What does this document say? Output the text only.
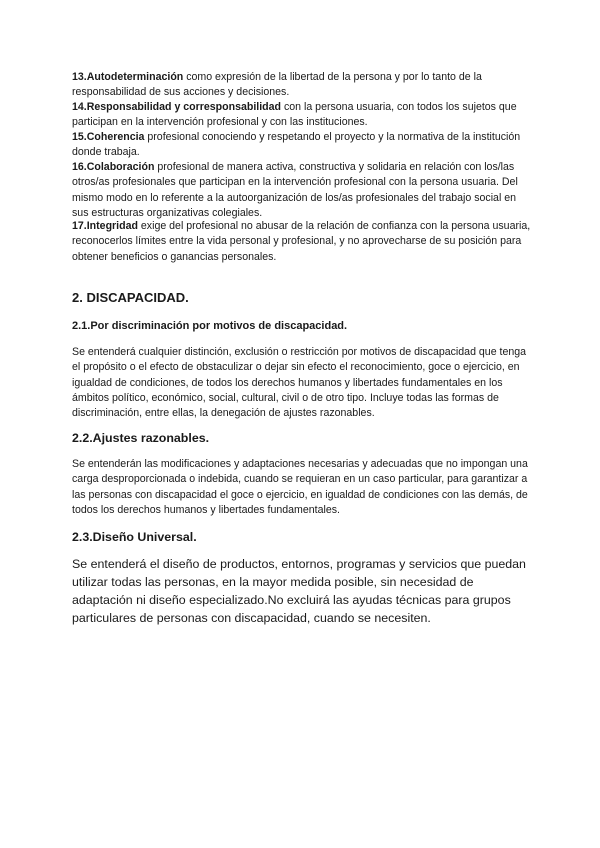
13.Autodeterminación como expresión de la libertad de la persona y por lo tanto de la responsabilidad de sus acciones y decisiones.

14.Responsabilidad y corresponsabilidad con la persona usuaria, con todos los sujetos que participan en la intervención profesional y con las instituciones.

15.Coherencia profesional conociendo y respetando el proyecto y la normativa de la institución donde trabaja.

16.Colaboración profesional de manera activa, constructiva y solidaria en relación con los/las otros/as profesionales que participan en la intervención profesional con la persona usuaria. Del mismo modo en lo referente a la autoorganización de los/as profesionales del trabajo social en sus estructuras organizativas colegiales.

17.Integridad exige del profesional no abusar de la relación de confianza con la persona usuaria, reconocerlos límites entre la vida personal y profesional, y no aprovecharse de su posición para obtener beneficios o ganancias personales.

2. DISCAPACIDAD.
2.1.Por discriminación por motivos de discapacidad.

Se entenderá cualquier distinción, exclusión o restricción por motivos de discapacidad que tenga el propósito o el efecto de obstaculizar o dejar sin efecto el reconocimiento, goce o ejercicio, en igualdad de condiciones, de todos los derechos humanos y libertades fundamentales en los ámbitos político, económico, social, cultural, civil o de otro tipo. Incluye todas las formas de discriminación, entre ellas, la denegación de ajustes razonables.

2.2.Ajustes razonables.

Se entenderán las modificaciones y adaptaciones necesarias y adecuadas que no impongan una carga desproporcionada o indebida, cuando se requieran en un caso particular, para garantizar a las personas con discapacidad el goce o ejercicio, en igualdad de condiciones con las demás, de todos los derechos humanos y libertades fundamentales.

2.3.Diseño Universal.

Se entenderá el diseño de productos, entornos, programas y servicios que puedan utilizar todas las personas, en la mayor medida posible, sin necesidad de adaptación ni diseño especializado.No excluirá las ayudas técnicas para grupos particulares de personas con discapacidad, cuando se necesiten.
